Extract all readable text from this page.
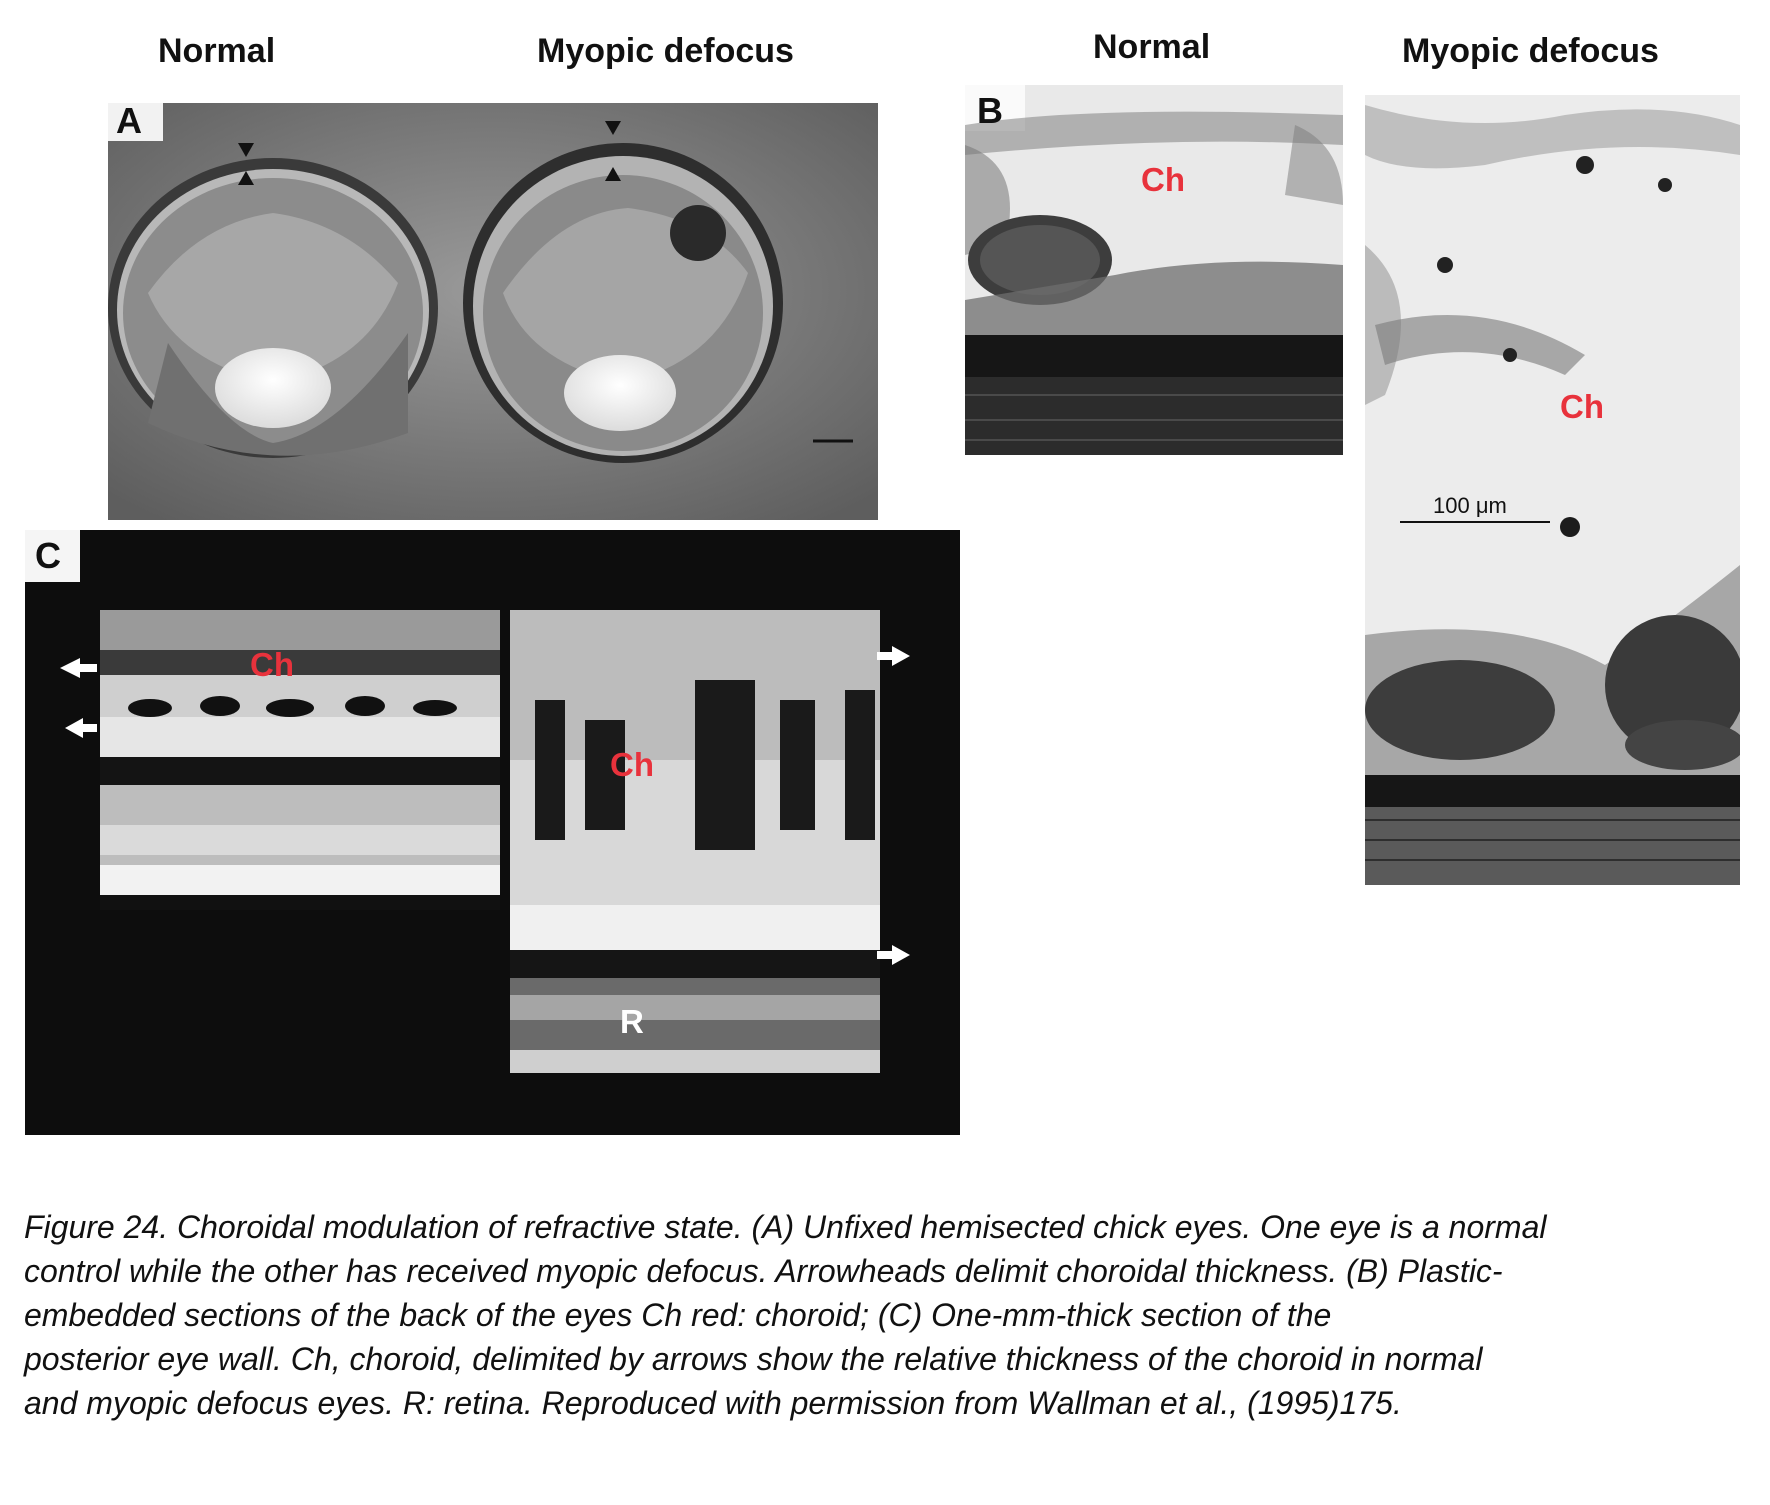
Normal	Myopic defocus	Normal	Myopic defocus
A	B
Ch
Ch
100 μm
C
Ch
Ch
R
Figure 24. Choroidal modulation of refractive state. (A) Unfixed hemisected chick eyes. One eye is a normal
control while the other has received myopic defocus. Arrowheads delimit choroidal thickness. (B) Plastic-
embedded sections of the back of the eyes Ch red: choroid; (C) One-mm-thick section of the
posterior eye wall. Ch, choroid, delimited by arrows show the relative thickness of the choroid in normal
and myopic defocus eyes. R: retina. Reproduced with permission from Wallman et al., (1995)175.
